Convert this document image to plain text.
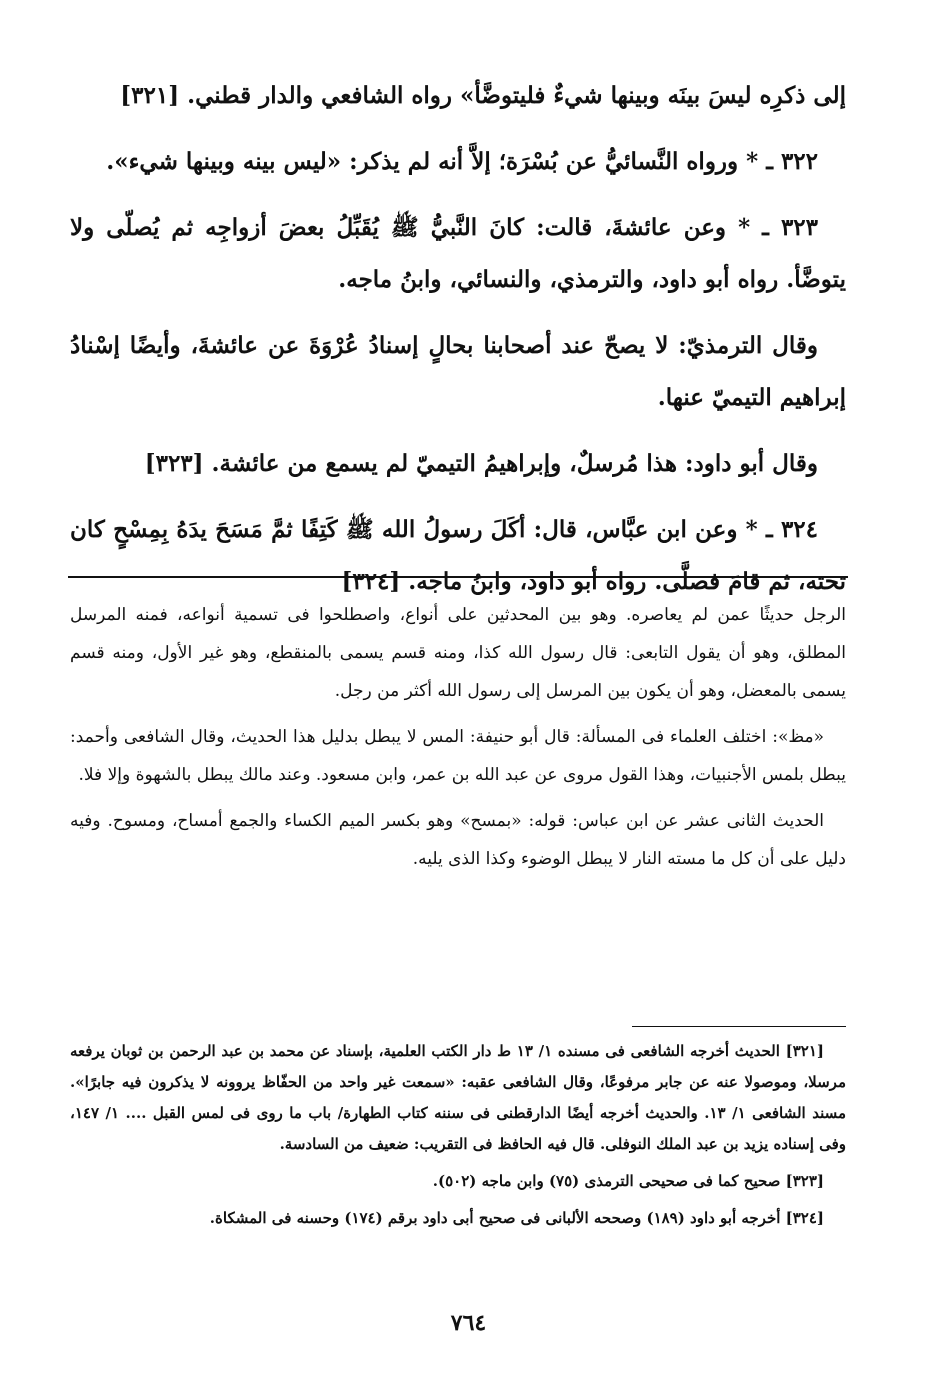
إلى ذكرِه ليسَ بينَه وبينها شيءٌ فليتوضَّأ» رواه الشافعي والدار قطني. [٣٢١]

٣٢٢ ـ * ورواه النَّسائيُّ عن بُسْرَة؛ إلاَّ أنه لم يذكر: «ليس بينه وبينها شيء».

٣٢٣ ـ * وعن عائشةَ، قالت: كانَ النَّبيُّ ﷺ يُقَبِّلُ بعضَ أزواجِه ثم يُصلّى ولا يتوضَّأ. رواه أبو داود، والترمذي، والنسائي، وابنُ ماجه.

وقال الترمذيّ: لا يصحّ عند أصحابنا بحالٍ إسنادُ عُرْوَةَ عن عائشةَ، وأيضًا إسْنادُ إبراهيم التيميّ عنها.

وقال أبو داود: هذا مُرسلٌ، وإبراهيمُ التيميّ لم يسمع من عائشة. [٣٢٣]

٣٢٤ ـ * وعن ابن عبَّاس، قال: أكَلَ رسولُ الله ﷺ كَتِفًا ثمَّ مَسَحَ يدَهُ بِمِسْحٍ كان تحته، ثم قامَ فصلَّى. رواه أبو داود، وابنُ ماجه. [٣٢٤]

الرجل حديثًا عمن لم يعاصره. وهو بين المحدثين على أنواع، واصطلحوا فى تسمية أنواعه، فمنه المرسل المطلق، وهو أن يقول التابعى: قال رسول الله كذا، ومنه قسم يسمى بالمنقطع، وهو غير الأول، ومنه قسم يسمى بالمعضل، وهو أن يكون بين المرسل إلى رسول الله أكثر من رجل.

«مظ»: اختلف العلماء فى المسألة: قال أبو حنيفة: المس لا يبطل بدليل هذا الحديث، وقال الشافعى وأحمد: يبطل بلمس الأجنبيات، وهذا القول مروى عن عبد الله بن عمر، وابن مسعود. وعند مالك يبطل بالشهوة وإلا فلا.

الحديث الثانى عشر عن ابن عباس: قوله: «بمسح» وهو بكسر الميم الكساء والجمع أمساح، ومسوح. وفيه دليل على أن كل ما مسته النار لا يبطل الوضوء وكذا الذى يليه.

[٣٢١] الحديث أخرجه الشافعى فى مسنده ١/ ١٣ ط دار الكتب العلمية، بإسناد عن محمد بن عبد الرحمن بن ثوبان يرفعه مرسلا، وموصولا عنه عن جابر مرفوعًا، وقال الشافعى عقبه: «سمعت غير واحد من الحفّاظ يروونه لا يذكرون فيه جابرًا». مسند الشافعى ١/ ١٣. والحديث أخرجه أيضًا الدارقطنى فى سننه كتاب الطهارة/ باب ما روى فى لمس القبل .... ١/ ١٤٧، وفى إسناده يزيد بن عبد الملك النوفلى. قال فيه الحافظ فى التقريب: ضعيف من السادسة.

[٣٢٣] صحيح كما فى صحيحى الترمذى (٧٥) وابن ماجه (٥٠٢).

[٣٢٤] أخرجه أبو داود (١٨٩) وصححه الألبانى فى صحيح أبى داود برقم (١٧٤) وحسنه فى المشكاة.

٧٦٤
